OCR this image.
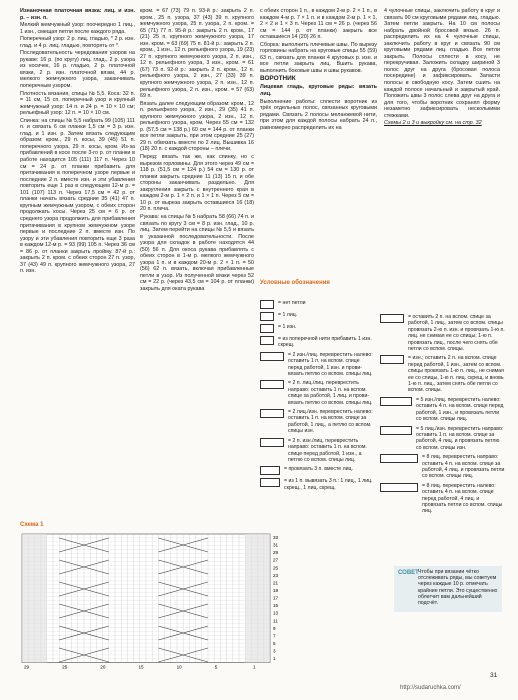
Изнаночная платочная вязка: лиц. и изн. р. – изн. п.

Мелкий жемчужный узор: поочередно 1 лиц., 1 изн., смещая петли после каждого ряда.

Поперечный узор: 2 р. лиц. гладью, * 2 р. изн. глад. и 4 р. лиц. гладью, повторять от *.

Последовательность чередования узоров на рукаве: 16 р. (по кругу) лиц. глад., 2 р. узора из косичек, 16 р. гладью, 2 р. платочной вязки, 2 р. изн. платочной вязки, 44 р. мелкого жемчужного узора, заканчивать поперечным узором.

Плотность вязания, спицы № 5,5. Коса: 32 п. = 11 см, 15 сп. поперечный узор и крупный жемчужный узор: 14 п. и 24 р. = 10 × 10 см; рельефный узор: 12 п. = 10 × 10 см.

Спинка: на спицы № 5,5 набрать 99 (105) 111 п. и связать 6 см планки 1,5 см = 3 р. изн. глад. и 1 изн. р. Затем вязать следующим образом: кром., 29 п. косы, 39 (45) 51 п. поперечного узора, 29 п. косы, кром. Из-за прибавлений в косе после 3-го р. от планки в работе находится 105 (111) 117 п. Через 10 см = 24 р. от планки прибавить для притачивания в поперечном узоре первые и последние 2 п. вместе изн. и эти убавления повторить еще 1 раз в следующем 12-м р. = 101 (107) 113 п. Через 17,5 см = 42 р. от планки начать вязать средние 35 (41) 47 п. крупным жемчужным узором, с обеих сторон продолжать косы. Через 25 см = 6 р. от среднего узора продолжить для прибавления притачивания в крупном жемчужном узоре первые и последние 2 п. вместе изн. По узору и эти убавления повторить еще 3 раза в каждом 12-м р. = 93 (99) 105 п. Через 36 см = 86 р. от планки закрыть пройму. 87-й р.: закрыть 2 п. кром. с обеих сторон 27 п. узор, 37 (43) 49 п. крупного жемчужного узора, 27 п. изн.

кром. = 67 (73) 79 п. 93-й р.: закрыть 2 п. кром., 25 п. узора, 37 (43) 39 п. крупного жемчужного узора, 25 п. узора, 2 п. кром. = 65 (71) 77 п. 95-й р.: закрыть 2 п. кром., 17 (21) 25 п. крупного жемчужного узора, 17 изн. кром. = 63 (69) 75 п. 81-й р.: закрыть 2 п. кром., 1 изн., 12 п. рельефного узора, 19 (23) 27 п. крупного жемчужного узора, 2 п. изн., 12 п. рельефного узора, 3 изн., кром. = 61 (67) 73 п. 92-й р.: закрыть 2 п. кром., 12 п. рельефного узора, 2 изн., 27 (33) 39 п. крупного жемчужного узора, 2 п. изн., 12 п. рельефного узора, 2 п. изн., кром. = 57 (63) 69 п.

Вязать далее следующим образом: кром., 12 п. рельефного узора, 2 изн., 29 (35) 41 п. крупного жемчужного узора, 2 изн., 12 п. рельефного узора, кром. Через 55 см = 132 р. (57,5 см = 138 р.) 60 см = 144 р. от планки все петли закрыть, при этом средние 25 (27) 29 п. обвязать вместе по 2 лиц. Вышивка 16 (18) 20 п. с каждой стороны – плечи.

Перед: вязать так же, как спинку, но с вырезом горловины. Для этого через 49 см = 118 р. (51,5 см = 124 р.) 54 см = 130 р. от планки закрыть средние 11 (13) 15 п. и обе стороны заканчивать раздельно. Для закругления закрыть с внутреннего края в каждом 2-м р. 1 × 2 п. и 1 × 1 п. Через 5 см = 10 р. от выреза закрыть оставшиеся 16 (18) 20 п. плеча.

Рукава: на спицы № 5 набрать 58 (66) 74 п. и связать по кругу 3 см = 8 р. изн. глад., 10 р. лиц. Затем перейти на спицы № 5,5 и вязать в указанной последовательности. После узора для складок в работе находятся 44 (50) 56 п. Для окоса рукава прибавлять с обеих сторон в 1-м р. мелкого жемчужного узора 1 п. и в каждом 20-м р. 2 × 1 п. = 50 (56) 62 п. вязать, включая прибавленные петли в узор. Из полученной вязки через 52 см = 22 р. (через 43,5 см = 104 р. от планки) закрыть для оката рукава

с обеих сторон 1 п., в каждом 2-м р. 2 × 1 п., в каждом 4-м р. 7 × 1 п. и в каждом 2-м р. 1 × 1, 2 × 2 и 1 × 3 п. Через 11 см = 26 р. (через 56 см = 144 р. от планки) закрыть все оставшиеся 14 (20) 26 п.

Сборка: выполнить плечевые швы. По вырезу горловины набрать на круговые спицы 55 (59) 63 п., связать для планки 4 круговых р. изн. и все петли закрыть лиц. Вшить рукава, выполнить боковые швы и швы рукавов.

ВОРОТНИК

Лицевая гладь, круговые ряды: вязать лиц.

Выполнение работы: сплести воротник из трёх отдельных полос, связанных круговыми рядами. Связать 2 полосы меланжевой нити, при этом для каждой полосы набрать 24 п., равномерно распределить их на

4 чулочные спицы, заключить работу в круг и связать 90 см круговыми рядами лиц. гладью. Затем петли закрыть. На 10 см полосы набрать двойной бросовой вязью. 26 п. распределить их на 4 чулочные спицы, заключить работу в круг и связать 90 см круговыми рядами лиц. гладью. Все петли закрыть. Полосы сплести в косу, не перекручивая. Заложить складку шириной 3 полос друг на друга (бросовая полоса посередине) и зафиксировать. Запасти полосы в свободную косу. Затем сшить на каждой полосе начальный и закрытый край. Положить швы 3 полос слева друг на друга и для того, чтобы воротник сохранял форму незаметно зафиксировать несколькими стежками.

Схемы 2 и 3 и выкройку см. на стр. 32

Условные обозначения
= нет петли
= 1 лиц.
= 1 изн.
= из поперечной нити прибавить 1 изн. скрещ.
= 2 изн./лиц. переврестить налево: оставить 1 п. на вспом. спице перед работой, 1 изн. и прови-вязать петлю со вспом. спицы лиц.
= 2 п. лиц./лиц. переврестить направо: оставить 1 п. на вспом. спице за работой, 1 лиц. и прови-вязать петлю со вспом. спицы лиц.
= 2 лиц./изн. переврестить налево: оставить 1 п. на вспом. спице за работой, 1 лиц., а петлю со вспом. спицы изн.
= 2 п. изн./лиц. переврестить направо: оставить 1 п. на вспом. спице перед работой, 1 изн., а петлю со вспом. спицы лиц.
= провязать 3 п. вместе лиц.
= из 1 п. вывязать 3 п.: 1 лиц., 1 лиц. скрещ., 1 лиц. скрещ.
= оставить 2 п. на вспом. спице за работой, 1 лиц., затем со вспом. спицы провязать 2-ю п. изн. и провязать 1-ю п. лиц. не снимая ее со спицы; 1-ю п. провязать лиц., после чего снять обе петли со вспом. спицы.
= изн.; оставить 2 п. на вспом. спице перед работой, 1 изн., затем со вспом. спицы провязать 1-ю п. лиц., не снимая ее со спицы, 1-ю п. лиц. скрещ. и вновь 1-ю п. лиц., затем снять обе петли со вспом. спицы.
= 5 изн./лиц. переврестить налево: оставить 4 п. на вспом. спице перед работой, 1 изн., и провязать петли со вспом. спицы лиц.
= 5 лиц./изн. переврестить направо: оставить 1 п. на вспом. спице за работой, 4 лиц. и провязать петлю со вспом. спицы изн.
= 8 лиц. переврестить направо: оставить 4 п. на вспом. спице за работой, 4 лиц. и провязать петли со вспом. спицы лиц.
= 8 лиц. переврестить налево: оставить 4 п. на вспом. спице перед работой, 4 лиц. и провязать петли со вспом. спицы лиц.
Схема 1
33
31
29
27
25
23
21
19
17
15
13
11
9
7
5
3
1
29	25	20	15	10	5	1
СОВЕТ Чтобы при вязании чётко отслеживать ряды, мы советуем через каждые 10 р. отмечать крайние петли. Это существенно облегчит вам дальнейший подсчёт.
31
http://sudaruchka.com/
